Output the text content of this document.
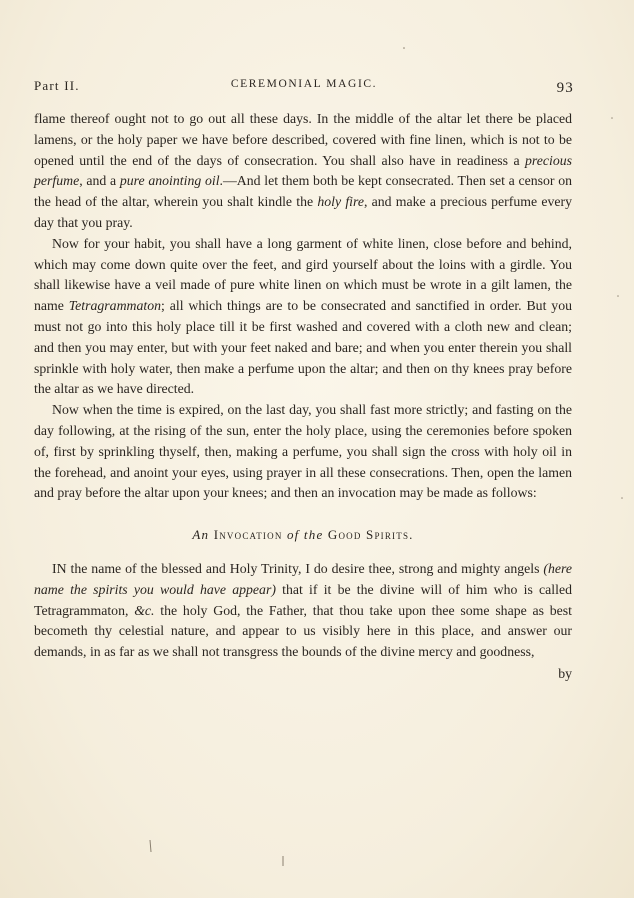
Part II.	CEREMONIAL MAGIC.	93

flame thereof ought not to go out all these days. In the middle of the altar let there be placed lamens, or the holy paper we have before described, covered with fine linen, which is not to be opened until the end of the days of consecration. You shall also have in readiness a precious perfume, and a pure anointing oil.—And let them both be kept consecrated. Then set a censor on the head of the altar, wherein you shalt kindle the holy fire, and make a precious perfume every day that you pray.

Now for your habit, you shall have a long garment of white linen, close before and behind, which may come down quite over the feet, and gird yourself about the loins with a girdle. You shall likewise have a veil made of pure white linen on which must be wrote in a gilt lamen, the name Tetragrammaton; all which things are to be consecrated and sanctified in order. But you must not go into this holy place till it be first washed and covered with a cloth new and clean; and then you may enter, but with your feet naked and bare; and when you enter therein you shall sprinkle with holy water, then make a perfume upon the altar; and then on thy knees pray before the altar as we have directed.

Now when the time is expired, on the last day, you shall fast more strictly; and fasting on the day following, at the rising of the sun, enter the holy place, using the ceremonies before spoken of, first by sprinkling thyself, then, making a perfume, you shall sign the cross with holy oil in the forehead, and anoint your eyes, using prayer in all these consecrations. Then, open the lamen and pray before the altar upon your knees; and then an invocation may be made as follows:

An Invocation of the Good Spirits.

IN the name of the blessed and Holy Trinity, I do desire thee, strong and mighty angels (here name the spirits you would have appear) that if it be the divine will of him who is called Tetragrammaton, &c. the holy God, the Father, that thou take upon thee some shape as best becometh thy celestial nature, and appear to us visibly here in this place, and answer our demands, in as far as we shall not transgress the bounds of the divine mercy and goodness,

by
